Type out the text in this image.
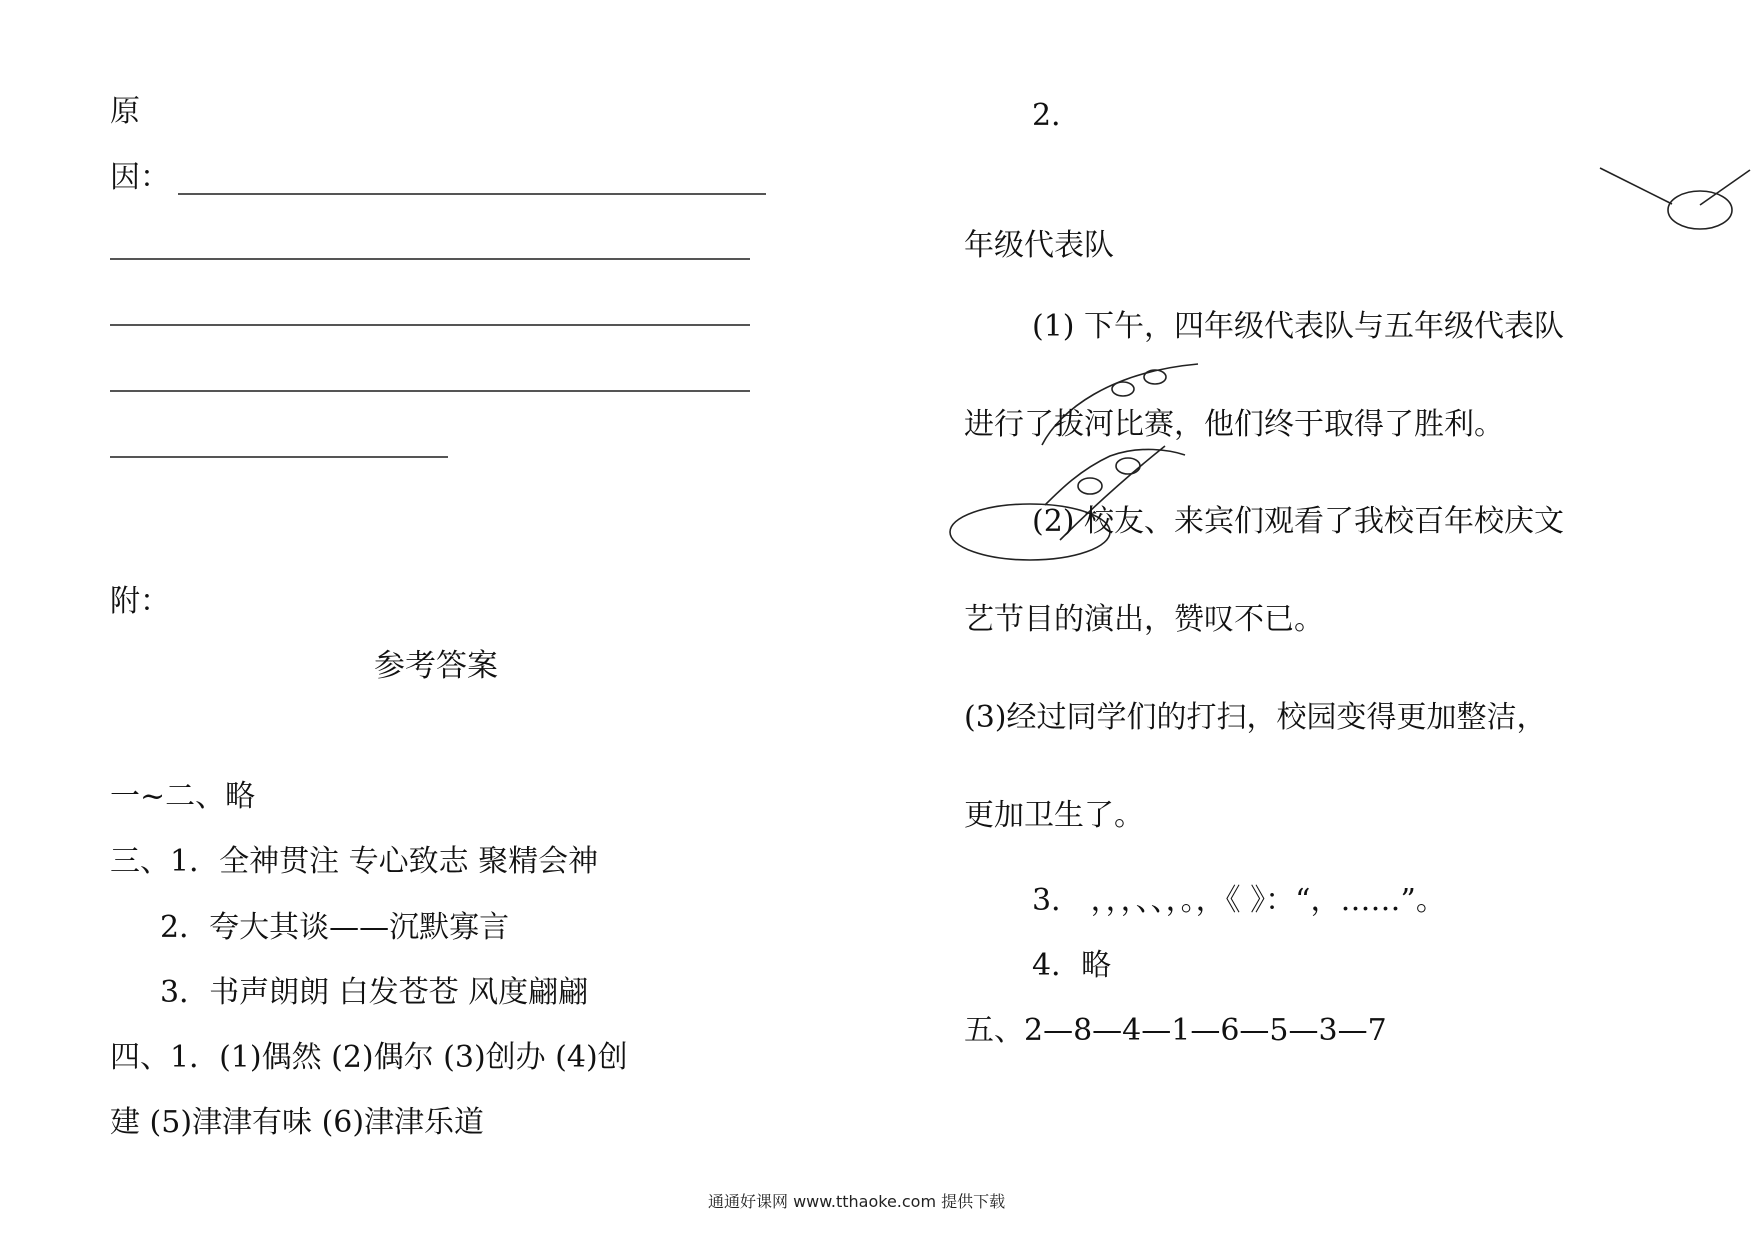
原
因：
附：
参考答案
一~二、略
三、1．全神贯注 专心致志 聚精会神
2．夸大其谈——沉默寡言
3．书声朗朗 白发苍苍 风度翩翩
四、1．(1)偶然 (2)偶尔 (3)创办 (4)创
建 (5)津津有味 (6)津津乐道
2．
年级代表队
(1) 下午，四年级代表队与五年级代表队
进行了拔河比赛，他们终于取得了胜利。
(2) 校友、来宾们观看了我校百年校庆文
艺节目的演出，赞叹不已。
(3)经过同学们的打扫，校园变得更加整洁，
更加卫生了。
3． ，，，、、，。，《 》：“，……”。
4．略
五、2—8—4—1—6—5—3—7
通通好课网 www.tthaoke.com 提供下载
